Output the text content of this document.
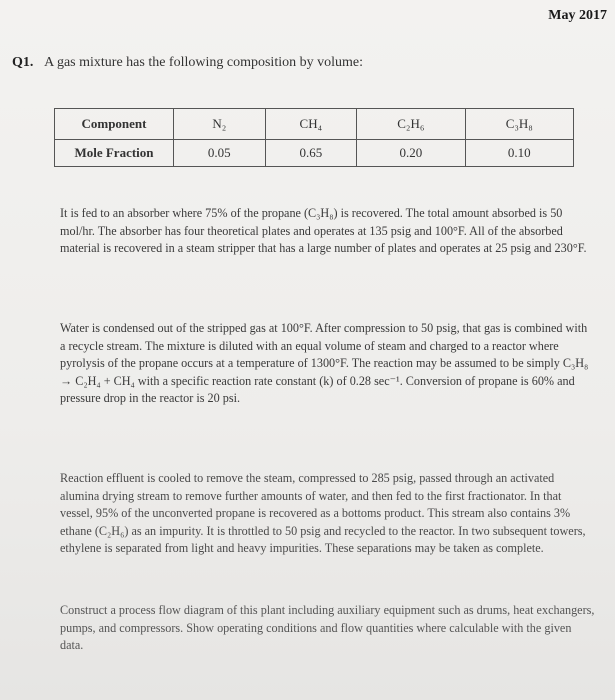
May 2017
Q1. A gas mixture has the following composition by volume:
Component	N₂	CH₄	C₂H₆	C₃H₈
Mole Fraction	0.05	0.65	0.20	0.10

It is fed to an absorber where 75% of the propane (C₃H₈) is recovered. The total amount absorbed is 50 mol/hr. The absorber has four theoretical plates and operates at 135 psig and 100°F. All of the absorbed material is recovered in a steam stripper that has a large number of plates and operates at 25 psig and 230°F.

Water is condensed out of the stripped gas at 100°F. After compression to 50 psig, that gas is combined with a recycle stream. The mixture is diluted with an equal volume of steam and charged to a reactor where pyrolysis of the propane occurs at a temperature of 1300°F. The reaction may be assumed to be simply C₃H₈ → C₂H₄ + CH₄ with a specific reaction rate constant (k) of 0.28 sec⁻¹. Conversion of propane is 60% and pressure drop in the reactor is 20 psi.

Reaction effluent is cooled to remove the steam, compressed to 285 psig, passed through an activated alumina drying stream to remove further amounts of water, and then fed to the first fractionator. In that vessel, 95% of the unconverted propane is recovered as a bottoms product. This stream also contains 3% ethane (C₂H₆) as an impurity. It is throttled to 50 psig and recycled to the reactor. In two subsequent towers, ethylene is separated from light and heavy impurities. These separations may be taken as complete.

Construct a process flow diagram of this plant including auxiliary equipment such as drums, heat exchangers, pumps, and compressors. Show operating conditions and flow quantities where calculable with the given data.
